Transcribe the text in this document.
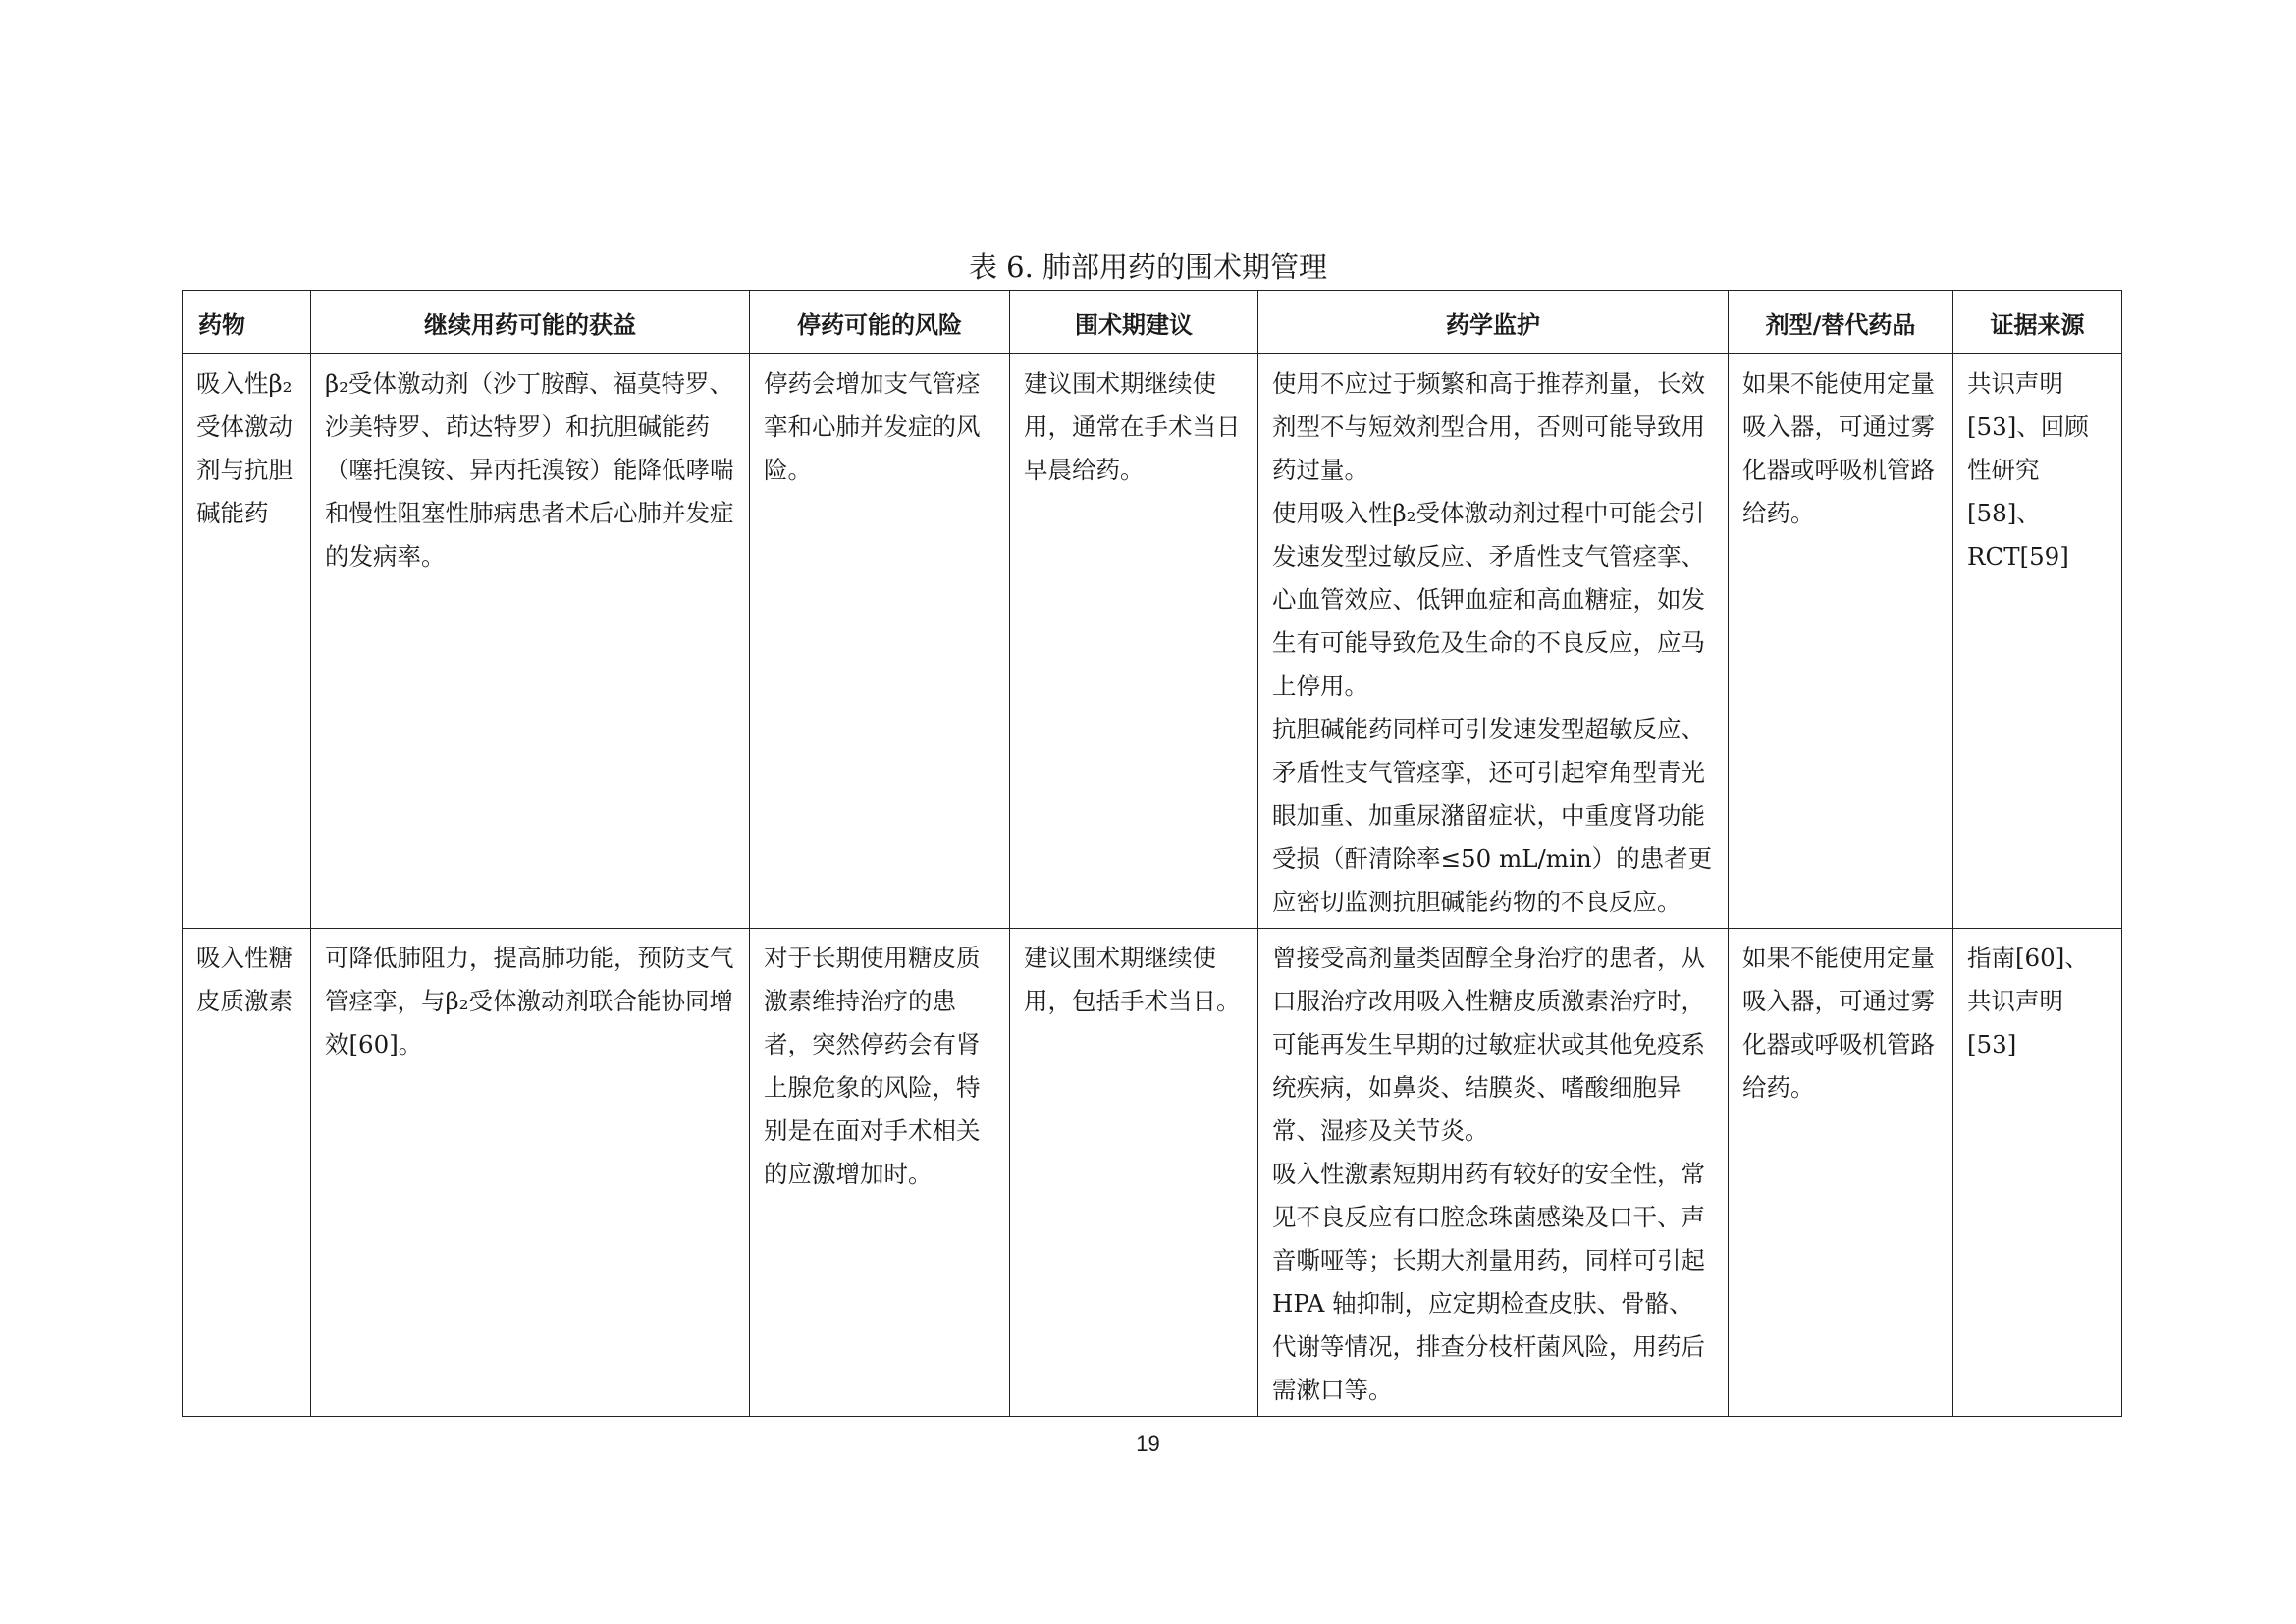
表 6. 肺部用药的围术期管理
药物	继续用药可能的获益	停药可能的风险	围术期建议	药学监护	剂型/替代药品	证据来源

吸入性β₂受体激动剂与抗胆碱能药	β₂受体激动剂（沙丁胺醇、福莫特罗、沙美特罗、茚达特罗）和抗胆碱能药（噻托溴铵、异丙托溴铵）能降低哮喘和慢性阻塞性肺病患者术后心肺并发症的发病率。	停药会增加支气管痉挛和心肺并发症的风险。	建议围术期继续使用，通常在手术当日早晨给药。	使用不应过于频繁和高于推荐剂量，长效剂型不与短效剂型合用，否则可能导致用药过量。

使用吸入性β₂受体激动剂过程中可能会引发速发型过敏反应、矛盾性支气管痉挛、心血管效应、低钾血症和高血糖症，如发生有可能导致危及生命的不良反应，应马上停用。

抗胆碱能药同样可引发速发型超敏反应、矛盾性支气管痉挛，还可引起窄角型青光眼加重、加重尿潴留症状，中重度肾功能受损（酐清除率≤50 mL/min）的患者更应密切监测抗胆碱能药物的不良反应。	如果不能使用定量吸入器，可通过雾化器或呼吸机管路给药。	共识声明[53]、回顾性研究[58]、RCT[59]

吸入性糖皮质激素	可降低肺阻力，提高肺功能，预防支气管痉挛，与β₂受体激动剂联合能协同增效[60]。	对于长期使用糖皮质激素维持治疗的患者，突然停药会有肾上腺危象的风险，特别是在面对手术相关的应激增加时。	建议围术期继续使用，包括手术当日。	曾接受高剂量类固醇全身治疗的患者，从口服治疗改用吸入性糖皮质激素治疗时，可能再发生早期的过敏症状或其他免疫系统疾病，如鼻炎、结膜炎、嗜酸细胞异常、湿疹及关节炎。

吸入性激素短期用药有较好的安全性，常见不良反应有口腔念珠菌感染及口干、声音嘶哑等；长期大剂量用药，同样可引起HPA 轴抑制，应定期检查皮肤、骨骼、代谢等情况，排查分枝杆菌风险，用药后需漱口等。	如果不能使用定量吸入器，可通过雾化器或呼吸机管路给药。	指南[60]、共识声明[53]
19
